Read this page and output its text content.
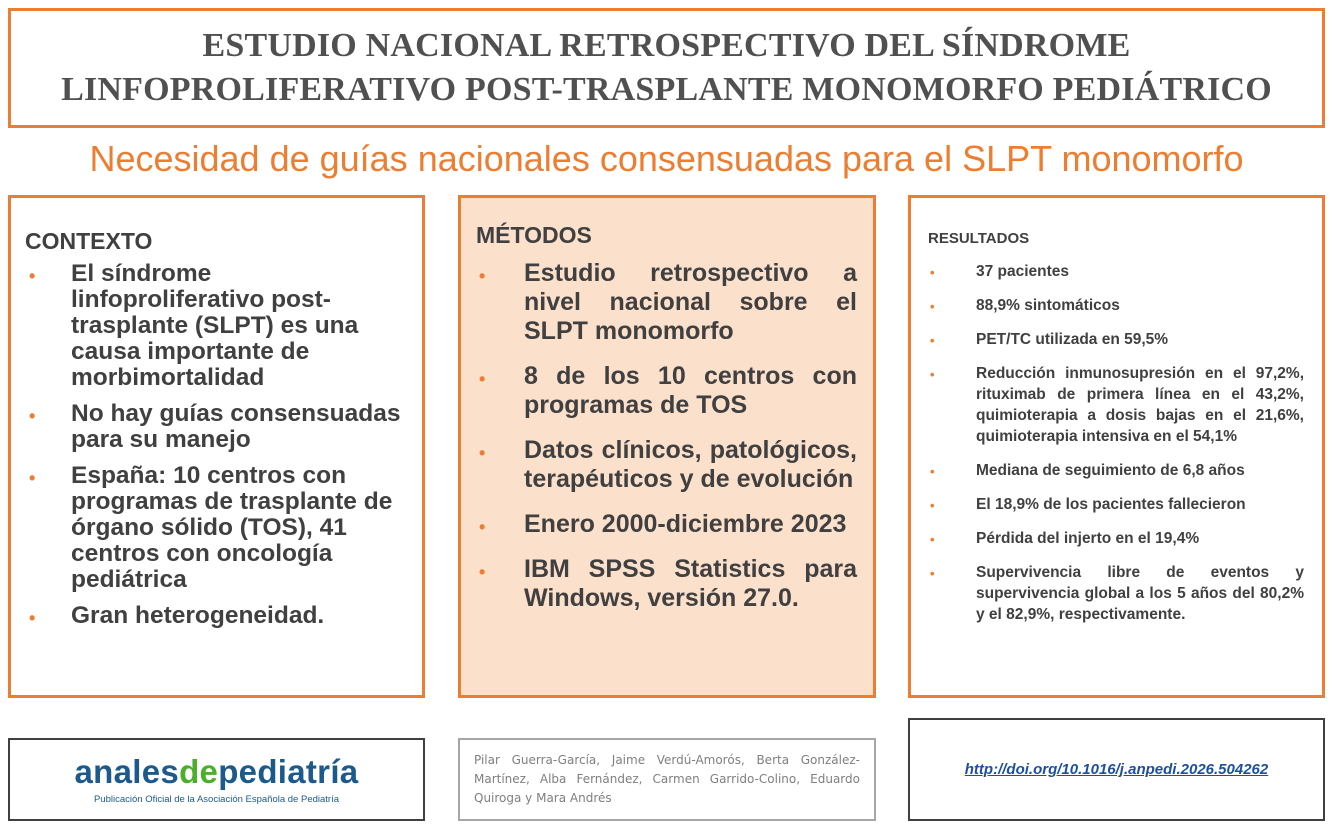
ESTUDIO NACIONAL RETROSPECTIVO DEL SÍNDROME
LINFOPROLIFERATIVO POST-TRASPLANTE MONOMORFO PEDIÁTRICO
Necesidad de guías nacionales consensuadas para el SLPT monomorfo
CONTEXTO
• El síndrome linfoproliferativo post-trasplante (SLPT) es una causa importante de morbimortalidad
• No hay guías consensuadas para su manejo
• España: 10 centros con programas de trasplante de órgano sólido (TOS), 41 centros con oncología pediátrica
• Gran heterogeneidad.
MÉTODOS
• Estudio retrospectivo a nivel nacional sobre el SLPT monomorfo
• 8 de los 10 centros con programas de TOS
• Datos clínicos, patológicos, terapéuticos y de evolución
• Enero 2000-diciembre 2023
• IBM SPSS Statistics para Windows, versión 27.0.
RESULTADOS
•	37 pacientes
•	88,9% sintomáticos
•	PET/TC utilizada en 59,5%
•	Reducción inmunosupresión en el 97,2%, rituximab de primera línea en el 43,2%, quimioterapia a dosis bajas en el 21,6%, quimioterapia intensiva en el 54,1%
•	Mediana de seguimiento de 6,8 años
•	El 18,9% de los pacientes fallecieron
•	Pérdida del injerto en el 19,4%
•	Supervivencia libre de eventos y supervivencia global a los 5 años del 80,2% y el 82,9%, respectivamente.
analesdepediatría
Publicación Oficial de la Asociación Española de Pediatría
Pilar Guerra-García, Jaime Verdú-Amorós, Berta González-Martínez, Alba Fernández, Carmen Garrido-Colino, Eduardo Quiroga y Mara Andrés
http://doi.org/10.1016/j.anpedi.2026.504262
